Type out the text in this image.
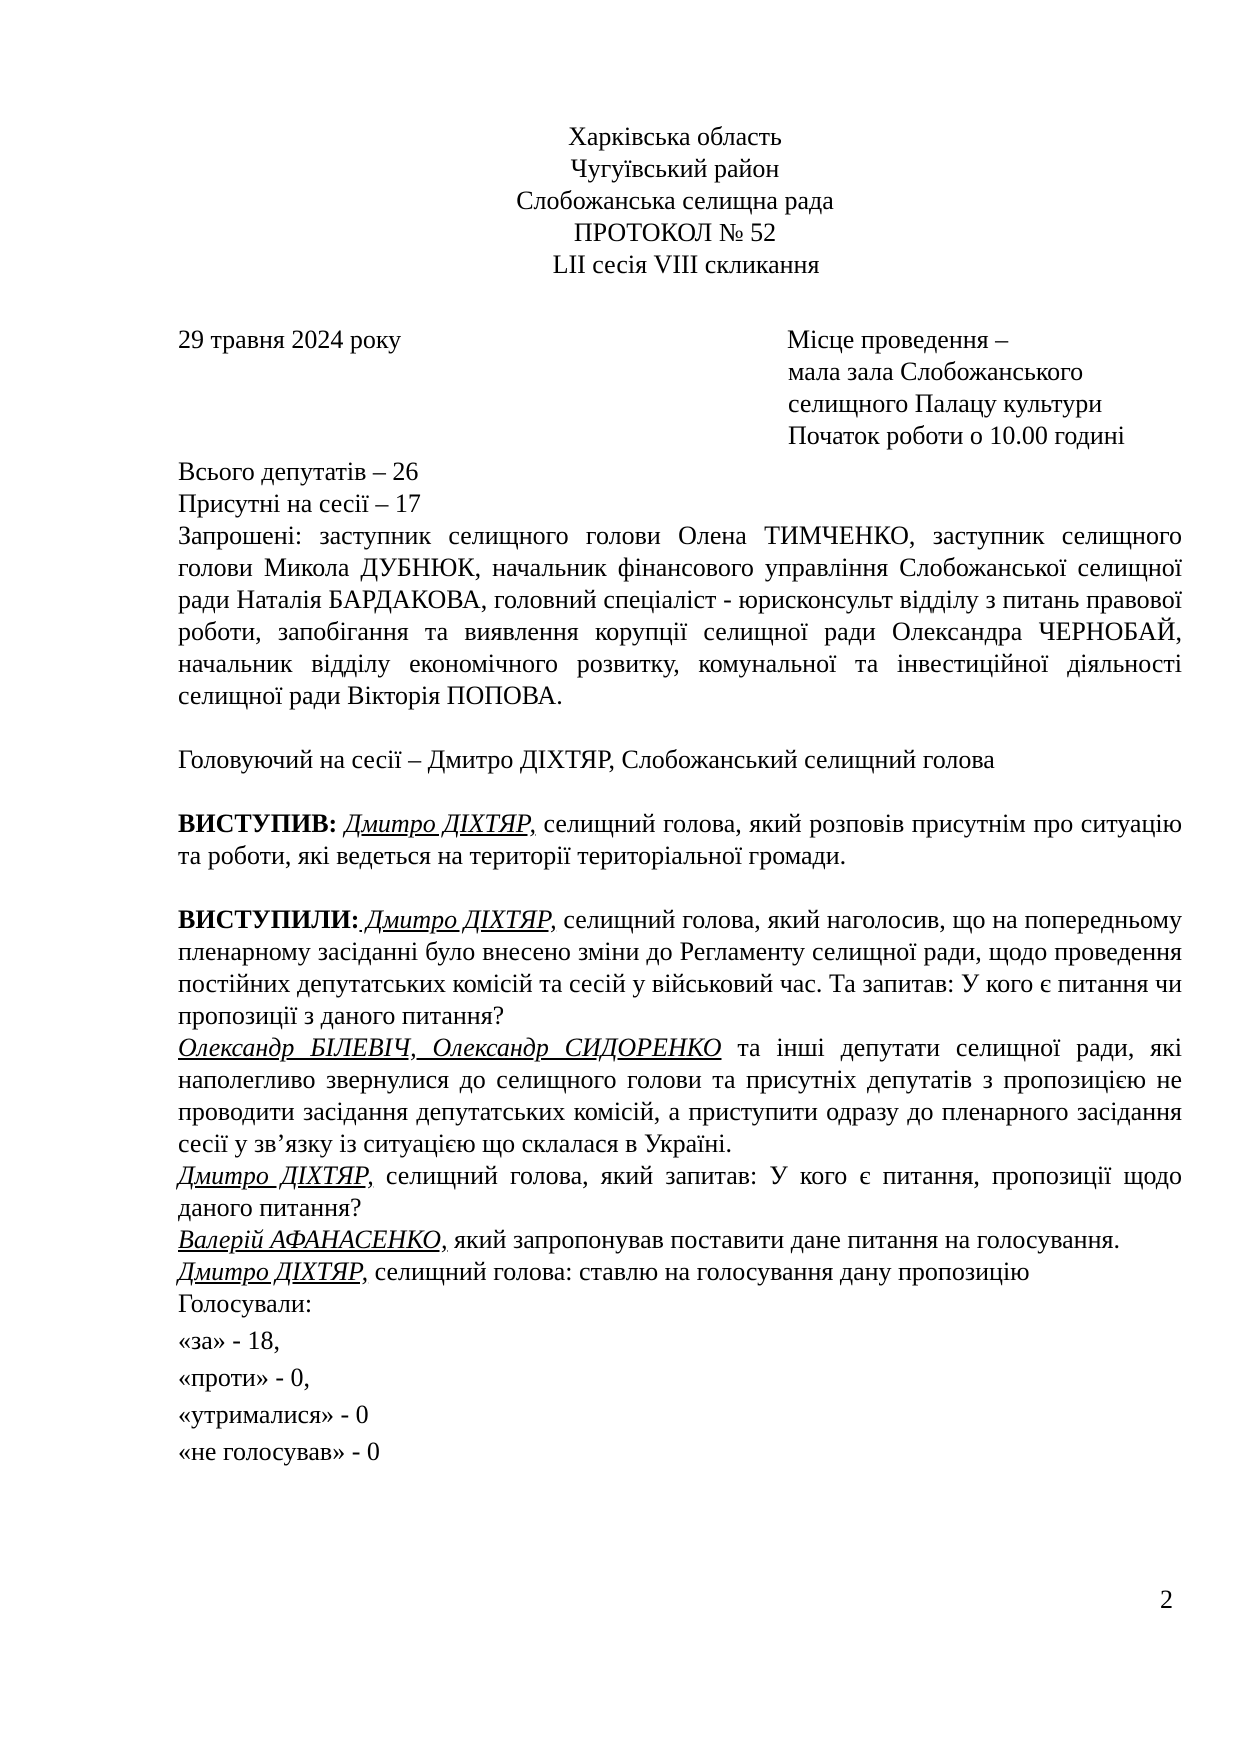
Харківська область
Чугуївський район
Слобожанська селищна рада
ПРОТОКОЛ № 52
LII сесія VIII скликання
29 травня 2024 року	Місце проведення –
мала зала Слобожанського
селищного Палацу культури
Початок роботи о 10.00 годині
Всього депутатів – 26
Присутні на сесії – 17

Запрошені: заступник селищного голови Олена ТИМЧЕНКО, заступник селищного голови Микола ДУБНЮК, начальник фінансового управління Слобожанської селищної ради Наталія БАРДАКОВА, головний спеціаліст - юрисконсульт відділу з питань правової роботи, запобігання та виявлення корупції селищної ради Олександра ЧЕРНОБАЙ, начальник відділу економічного розвитку, комунальної та інвестиційної діяльності селищної ради Вікторія ПОПОВА.

Головуючий на сесії – Дмитро ДІХТЯР, Слобожанський селищний голова

ВИСТУПИВ: Дмитро ДІХТЯР, селищний голова, який розповів присутнім про ситуацію та роботи, які ведеться на території територіальної громади.

ВИСТУПИЛИ: Дмитро ДІХТЯР, селищний голова, який наголосив, що на попередньому пленарному засіданні було внесено зміни до Регламенту селищної ради, щодо проведення постійних депутатських комісій та сесій у військовий час. Та запитав: У кого є питання чи пропозиції з даного питання?

Олександр БІЛЕВІЧ, Олександр СИДОРЕНКО та інші депутати селищної ради, які наполегливо звернулися до селищного голови та присутніх депутатів з пропозицією не проводити засідання депутатських комісій, а приступити одразу до пленарного засідання сесії у зв’язку із ситуацією що склалася в Україні.

Дмитро ДІХТЯР, селищний голова, який запитав: У кого є питання, пропозиції щодо даного питання?

Валерій АФАНАСЕНКО, який запропонував поставити дане питання на голосування.

Дмитро ДІХТЯР, селищний голова: ставлю на голосування дану пропозицію

Голосували:
«за» - 18,
«проти» - 0,
«утрималися» - 0
«не голосував» - 0
2
